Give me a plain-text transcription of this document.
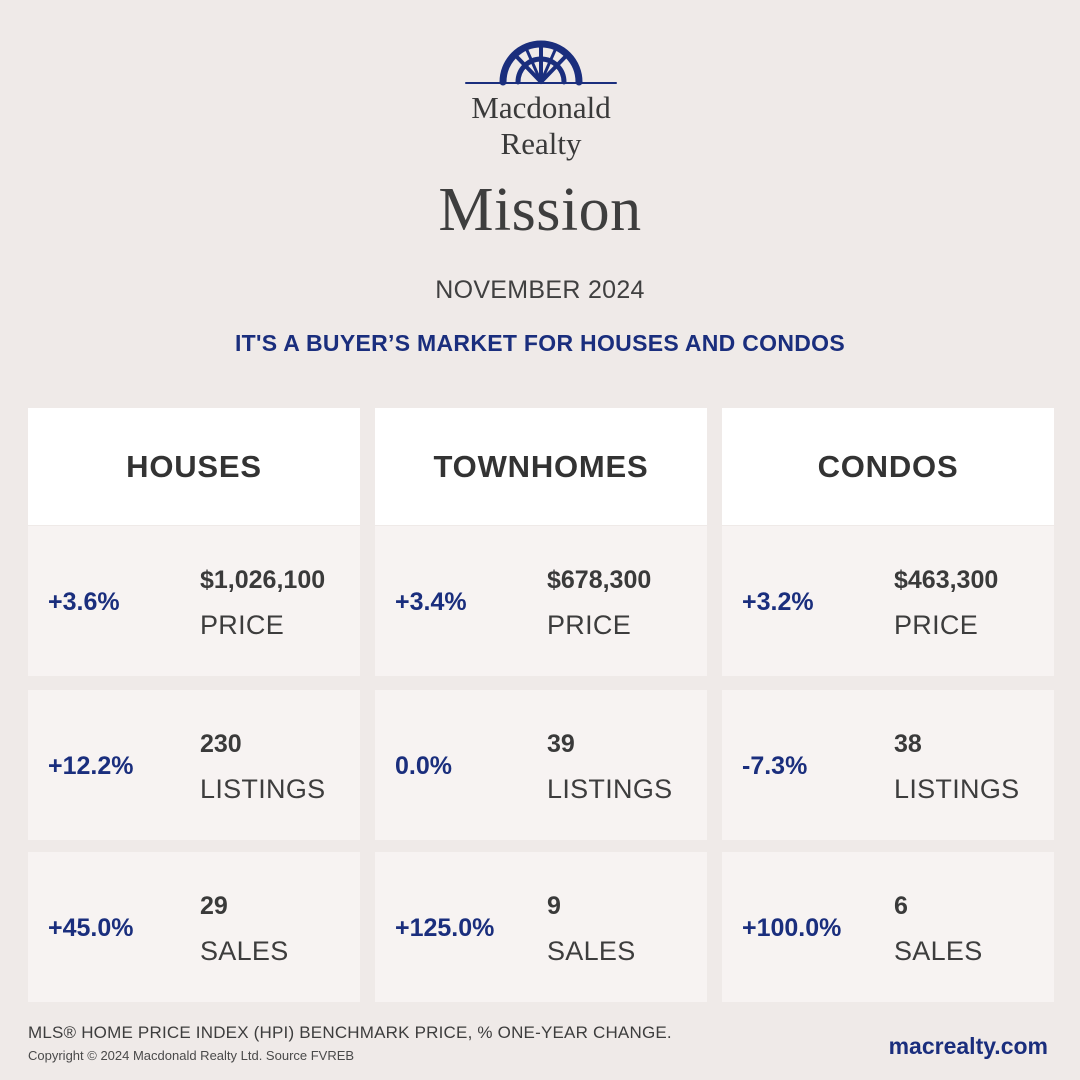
Macdonald
Realty
Mission
NOVEMBER 2024
IT'S A BUYER’S MARKET FOR HOUSES AND CONDOS
HOUSES
+3.6%
$1,026,100
PRICE
+12.2%
230
LISTINGS
+45.0%
29
SALES
TOWNHOMES
+3.4%
$678,300
PRICE
0.0%
39
LISTINGS
+125.0%
9
SALES
CONDOS
+3.2%
$463,300
PRICE
-7.3%
38
LISTINGS
+100.0%
6
SALES
MLS® HOME PRICE INDEX (HPI) BENCHMARK PRICE, % ONE-YEAR CHANGE.
Copyright © 2024 Macdonald Realty Ltd. Source FVREB	macrealty.com
